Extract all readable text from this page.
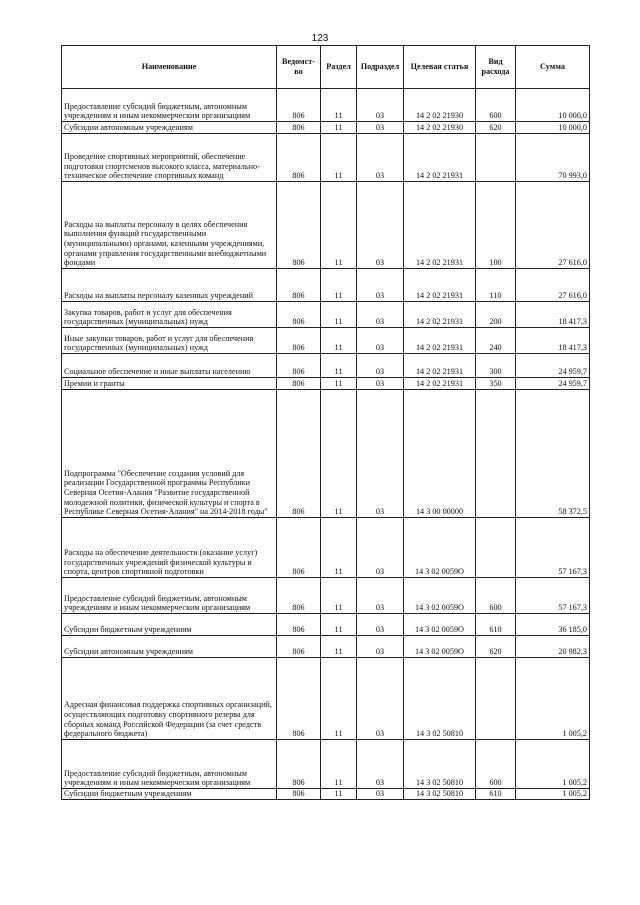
123
Наименование	Ведомст-во	Раздел	Подраздел	Целевая статья	Вид расхода	Сумма
Предоставление субсидий бюджетным, автономным учреждениям и иным некоммерческим организациям	806	11	03	14 2 02 21930	600	10 000,0
Субсидии автономным учреждениям	806	11	03	14 2 02 21930	620	10 000,0
Проведение спортивных мероприятий, обеспечение подготовки спортсменов высокого класса, материально-техническое обеспечение спортивных команд	806	11	03	14 2 02 21931		70 993,0
Расходы на выплаты персоналу в целях обеспечения выполнения функций государственными (муниципальными) органами, казенными учреждениями, органами управления государственными внебюджетными фондами	806	11	03	14 2 02 21931	100	27 616,0
Расходы на выплаты персоналу казенных учреждений	806	11	03	14 2 02 21931	110	27 616,0
Закупка товаров, работ и услуг для обеспечения государственных (муниципальных) нужд	806	11	03	14 2 02 21931	200	18 417,3
Иные закупки товаров, работ и услуг для обеспечения государственных (муниципальных) нужд	806	11	03	14 2 02 21931	240	18 417,3
Социальное обеспечение и иные выплаты населению	806	11	03	14 2 02 21931	300	24 959,7
Премии и гранты	806	11	03	14 2 02 21931	350	24 959,7
Подпрограмма "Обеспечение создания условий для реализации Государственной программы Республики Северная Осетия-Алания "Развитие государственной молодежной политики, физической культуры и спорта в Республике Северная Осетия-Алания" на 2014-2018 годы"	806	11	03	14 3 00 00000		58 372,5
Расходы на обеспечение деятельности (оказание услуг) государственных учреждений физической культуры и спорта, центров спортивной подготовки	806	11	03	14 3 02 0059О		57 167,3
Предоставление субсидий бюджетным, автономным учреждениям и иным некоммерческим организациям	806	11	03	14 3 02 0059О	600	57 167,3
Субсидии бюджетным учреждениям	806	11	03	14 3 02 0059О	610	36 185,0
Субсидии автономным учреждениям	806	11	03	14 3 02 0059О	620	20 982,3
Адресная финансовая поддержка спортивных организаций, осуществляющих подготовку спортивного резерва для сборных команд Российской Федерации (за счет средств федерального бюджета)	806	11	03	14 3 02 50810		1 005,2
Предоставление субсидий бюджетным, автономным учреждениям и иным некоммерческим организациям	806	11	03	14 3 02 50810	600	1 005,2
Субсидии бюджетным учреждениям	806	11	03	14 3 02 50810	610	1 005,2
